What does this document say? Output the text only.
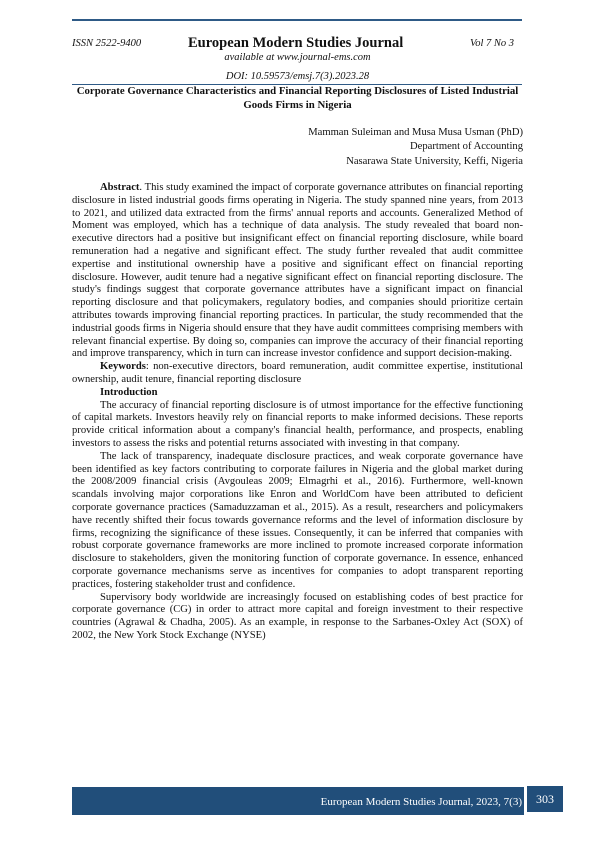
ISSN 2522-9400	European Modern Studies Journal	Vol 7 No 3
available at www.journal-ems.com
DOI: 10.59573/emsj.7(3).2023.28
Corporate Governance Characteristics and Financial Reporting Disclosures of Listed Industrial Goods Firms in Nigeria
Mamman Suleiman and Musa Musa Usman (PhD)
Department of Accounting
Nasarawa State University, Keffi, Nigeria

Abstract. This study examined the impact of corporate governance attributes on financial reporting disclosure in listed industrial goods firms operating in Nigeria. The study spanned nine years, from 2013 to 2021, and utilized data extracted from the firms' annual reports and accounts. Generalized Method of Moment was employed, which has a technique of data analysis. The study revealed that board non-executive directors had a positive but insignificant effect on financial reporting disclosure, while board remuneration had a negative and significant effect. The study further revealed that audit committee expertise and institutional ownership have a positive and significant effect on financial reporting disclosure. However, audit tenure had a negative significant effect on financial reporting disclosure. The study's findings suggest that corporate governance attributes have a significant impact on financial reporting disclosure and that policymakers, regulatory bodies, and companies should prioritize certain attributes towards improving financial reporting practices. In particular, the study recommended that the industrial goods firms in Nigeria should ensure that they have audit committees comprising members with relevant financial expertise. By doing so, companies can improve the accuracy of their financial reporting and improve transparency, which in turn can increase investor confidence and support decision-making.

Keywords: non-executive directors, board remuneration, audit committee expertise, institutional ownership, audit tenure, financial reporting disclosure

Introduction

The accuracy of financial reporting disclosure is of utmost importance for the effective functioning of capital markets. Investors heavily rely on financial reports to make informed decisions. These reports provide critical information about a company's financial health, performance, and prospects, enabling investors to assess the risks and potential returns associated with investing in that company.

The lack of transparency, inadequate disclosure practices, and weak corporate governance have been identified as key factors contributing to corporate failures in Nigeria and the global market during the 2008/2009 financial crisis (Avgouleas 2009; Elmagrhi et al., 2016). Furthermore, well-known scandals involving major corporations like Enron and WorldCom have been attributed to deficient corporate governance practices (Samaduzzaman et al., 2015). As a result, researchers and policymakers have recently shifted their focus towards governance reforms and the level of information disclosure by firms, recognizing the significance of these issues. Consequently, it can be inferred that companies with robust corporate governance frameworks are more inclined to promote increased corporate information disclosure to stakeholders, given the monitoring function of corporate governance. In essence, enhanced corporate governance mechanisms serve as incentives for companies to adopt transparent reporting practices, fostering stakeholder trust and confidence.

Supervisory body worldwide are increasingly focused on establishing codes of best practice for corporate governance (CG) in order to attract more capital and foreign investment to their respective countries (Agrawal & Chadha, 2005). As an example, in response to the Sarbanes-Oxley Act (SOX) of 2002, the New York Stock Exchange (NYSE)

European Modern Studies Journal, 2023, 7(3)	303
